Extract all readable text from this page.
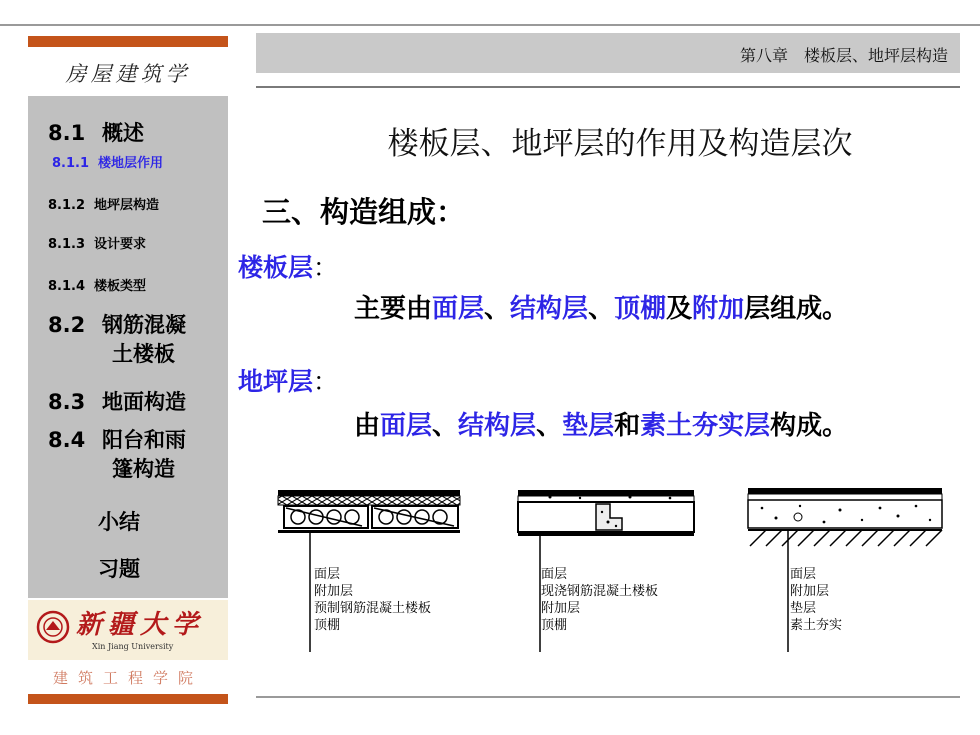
房屋建筑学
8.1 概述
8.1.1 楼地层作用
8.1.2 地坪层构造
8.1.3 设计要求
8.1.4 楼板类型
8.2 钢筋混凝
土楼板
8.3 地面构造
8.4 阳台和雨
篷构造
小结
习题
新疆大学
Xin Jiang University
建筑工程学院
第八章　楼板层、地坪层构造
楼板层、地坪层的作用及构造层次
三、构造组成：
楼板层：
主要由面层、结构层、顶棚及附加层组成。
地坪层：
由面层、结构层、垫层和素土夯实层构成。
面层
附加层
预制钢筋混凝土楼板
顶棚
面层
现浇钢筋混凝土楼板
附加层
顶棚
面层
附加层
垫层
素土夯实
